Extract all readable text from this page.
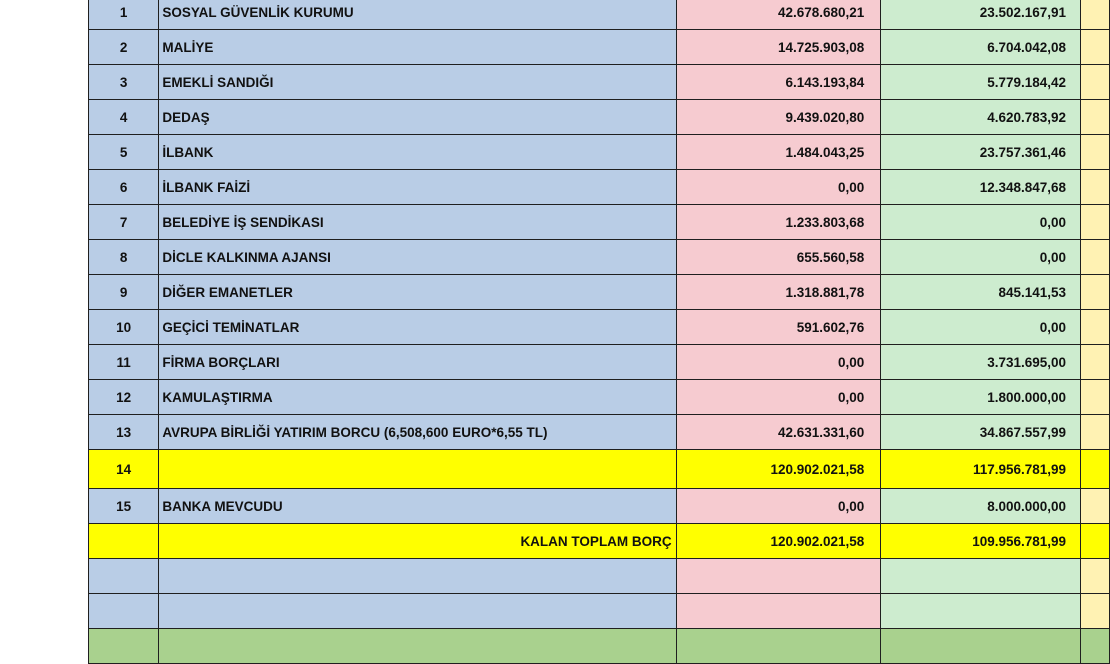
1	SOSYAL GÜVENLİK KURUMU	42.678.680,21	23.502.167,91	
2	MALİYE	14.725.903,08	6.704.042,08	
3	EMEKLİ SANDIĞI	6.143.193,84	5.779.184,42	
4	DEDAŞ	9.439.020,80	4.620.783,92	
5	İLBANK	1.484.043,25	23.757.361,46	
6	İLBANK FAİZİ	0,00	12.348.847,68	
7	BELEDİYE İŞ SENDİKASI	1.233.803,68	0,00	
8	DİCLE KALKINMA AJANSI	655.560,58	0,00	
9	DİĞER EMANETLER	1.318.881,78	845.141,53	
10	GEÇİCİ TEMİNATLAR	591.602,76	0,00	
11	FİRMA BORÇLARI	0,00	3.731.695,00	
12	KAMULAŞTIRMA	0,00	1.800.000,00	
13	AVRUPA BİRLİĞİ YATIRIM BORCU (6,508,600 EURO*6,55 TL)	42.631.331,60	34.867.557,99	
14		120.902.021,58	117.956.781,99	
15	BANKA MEVCUDU	0,00	8.000.000,00	
	KALAN TOPLAM BORÇ	120.902.021,58	109.956.781,99	
